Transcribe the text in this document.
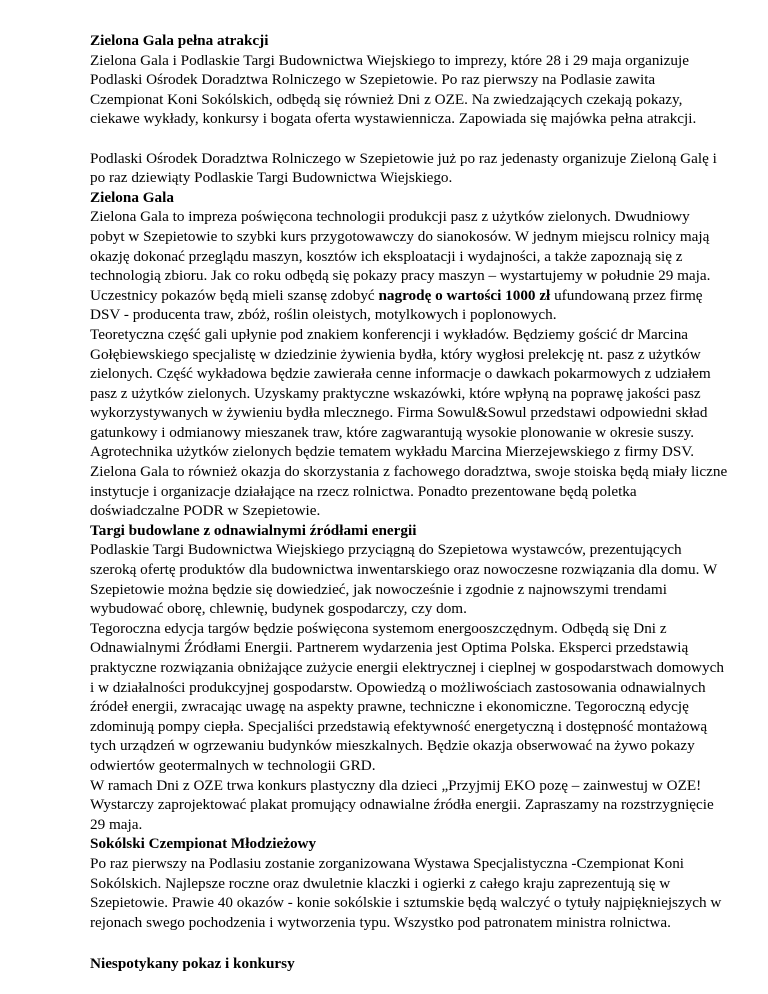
Zielona Gala pełna atrakcji

Zielona Gala i Podlaskie Targi Budownictwa Wiejskiego to imprezy, które 28 i 29 maja organizuje Podlaski Ośrodek Doradztwa Rolniczego w Szepietowie. Po raz pierwszy na Podlasie zawita Czempionat Koni Sokólskich, odbędą się również Dni z OZE. Na zwiedzających czekają pokazy, ciekawe wykłady, konkursy i bogata oferta wystawiennicza. Zapowiada się majówka pełna atrakcji.

Podlaski Ośrodek Doradztwa Rolniczego w Szepietowie już po raz jedenasty organizuje Zieloną Galę i po raz dziewiąty Podlaskie Targi Budownictwa Wiejskiego.

Zielona Gala

Zielona Gala to impreza poświęcona technologii produkcji pasz z użytków zielonych. Dwudniowy pobyt w Szepietowie to szybki kurs przygotowawczy do sianokosów. W jednym miejscu rolnicy mają okazję dokonać przeglądu maszyn, kosztów ich eksploatacji i wydajności, a także zapoznają się z technologią zbioru. Jak co roku odbędą się pokazy pracy maszyn – wystartujemy w południe 29 maja. Uczestnicy pokazów będą mieli szansę zdobyć nagrodę o wartości 1000 zł ufundowaną przez firmę DSV - producenta traw, zbóż, roślin oleistych, motylkowych i poplonowych.

Teoretyczna część gali upłynie pod znakiem konferencji i wykładów. Będziemy gościć dr Marcina Gołębiewskiego specjalistę w dziedzinie żywienia bydła, który wygłosi prelekcję nt. pasz z użytków zielonych. Część wykładowa będzie zawierała cenne informacje o dawkach pokarmowych z udziałem pasz z użytków zielonych. Uzyskamy praktyczne wskazówki, które wpłyną na poprawę jakości pasz wykorzystywanych w żywieniu bydła mlecznego. Firma Sowul&Sowul przedstawi odpowiedni skład gatunkowy i odmianowy mieszanek traw, które zagwarantują wysokie plonowanie w okresie suszy. Agrotechnika użytków zielonych będzie tematem wykładu Marcina Mierzejewskiego z firmy DSV.

Zielona Gala to również okazja do skorzystania z fachowego doradztwa, swoje stoiska będą miały liczne instytucje i organizacje działające na rzecz rolnictwa. Ponadto prezentowane będą poletka doświadczalne PODR w Szepietowie.

Targi budowlane z odnawialnymi źródłami energii

Podlaskie Targi Budownictwa Wiejskiego przyciągną do Szepietowa wystawców, prezentujących szeroką ofertę produktów dla budownictwa inwentarskiego oraz nowoczesne rozwiązania dla domu. W Szepietowie można będzie się dowiedzieć, jak nowocześnie i zgodnie z najnowszymi trendami wybudować oborę, chlewnię, budynek gospodarczy, czy dom.

Tegoroczna edycja targów będzie poświęcona systemom energooszczędnym. Odbędą się Dni z Odnawialnymi Źródłami Energii. Partnerem wydarzenia jest Optima Polska. Eksperci przedstawią praktyczne rozwiązania obniżające zużycie energii elektrycznej i cieplnej w gospodarstwach domowych i w działalności produkcyjnej gospodarstw. Opowiedzą o możliwościach zastosowania odnawialnych źródeł energii, zwracając uwagę na aspekty prawne, techniczne i ekonomiczne. Tegoroczną edycję zdominują pompy ciepła. Specjaliści przedstawią efektywność energetyczną i dostępność montażową tych urządzeń w ogrzewaniu budynków mieszkalnych. Będzie okazja obserwować na żywo pokazy odwiertów geotermalnych w technologii GRD.

W ramach Dni z OZE trwa konkurs plastyczny dla dzieci „Przyjmij EKO pozę – zainwestuj w OZE! Wystarczy zaprojektować plakat promujący odnawialne źródła energii. Zapraszamy na rozstrzygnięcie 29 maja.

Sokólski Czempionat Młodzieżowy

Po raz pierwszy na Podlasiu zostanie zorganizowana Wystawa Specjalistyczna -Czempionat Koni Sokólskich. Najlepsze roczne oraz dwuletnie klaczki i ogierki z całego kraju zaprezentują się w Szepietowie. Prawie 40 okazów - konie sokólskie i sztumskie będą walczyć o tytuły najpiękniejszych w rejonach swego pochodzenia i wytworzenia typu. Wszystko pod patronatem ministra rolnictwa.

Niespotykany pokaz i konkursy
